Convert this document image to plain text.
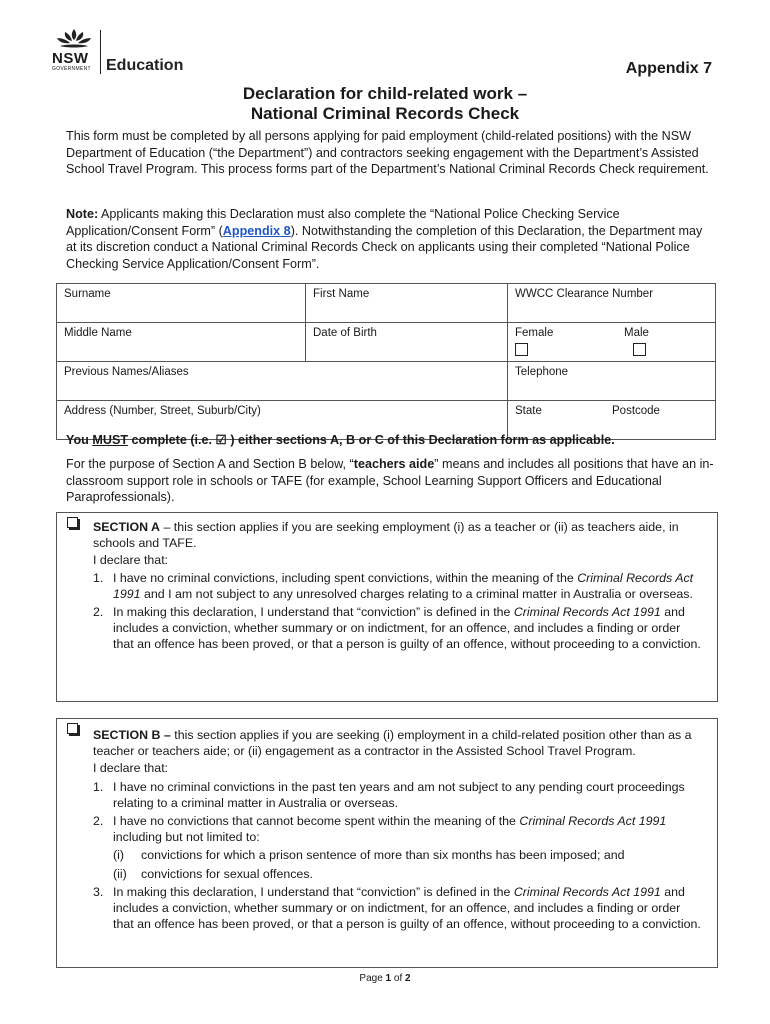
NSW
GOVERNMENT Education	Appendix 7
Declaration for child-related work –
National Criminal Records Check
This form must be completed by all persons applying for paid employment (child-related positions) with the NSW Department of Education (“the Department”) and contractors seeking engagement with the Department’s Assisted School Travel Program. This process forms part of the Department’s National Criminal Records Check requirement.
Note: Applicants making this Declaration must also complete the “National Police Checking Service Application/Consent Form” (Appendix 8). Notwithstanding the completion of this Declaration, the Department may at its discretion conduct a National Criminal Records Check on applicants using their completed “National Police Checking Service Application/Consent Form”.
Surname	First Name	WWCC Clearance Number
Middle Name	Date of Birth	Female Male

Previous Names/Aliases		Telephone
Address (Number, Street, Suburb/City)		State Postcode
You MUST complete (i.e. ☑ ) either sections A, B or C of this Declaration form as applicable.
For the purpose of Section A and Section B below, “teachers aide” means and includes all positions that have an in-classroom support role in schools or TAFE (for example, School Learning Support Officers and Educational Paraprofessionals).
SECTION A – this section applies if you are seeking employment (i) as a teacher or (ii) as teachers aide, in schools and TAFE.
I declare that:
1. I have no criminal convictions, including spent convictions, within the meaning of the Criminal Records Act 1991 and I am not subject to any unresolved charges relating to a criminal matter in Australia or overseas.
2. In making this declaration, I understand that “conviction” is defined in the Criminal Records Act 1991 and includes a conviction, whether summary or on indictment, for an offence, and includes a finding or order that an offence has been proved, or that a person is guilty of an offence, without proceeding to a conviction.
SECTION B – this section applies if you are seeking (i) employment in a child-related position other than as a teacher or teachers aide; or (ii) engagement as a contractor in the Assisted School Travel Program.
I declare that:
1. I have no criminal convictions in the past ten years and am not subject to any pending court proceedings relating to a criminal matter in Australia or overseas.
2. I have no convictions that cannot become spent within the meaning of the Criminal Records Act 1991 including but not limited to:
(i) convictions for which a prison sentence of more than six months has been imposed; and
(ii) convictions for sexual offences.
3. In making this declaration, I understand that “conviction” is defined in the Criminal Records Act 1991 and includes a conviction, whether summary or on indictment, for an offence, and includes a finding or order that an offence has been proved, or that a person is guilty of an offence, without proceeding to a conviction.
Page 1 of 2
